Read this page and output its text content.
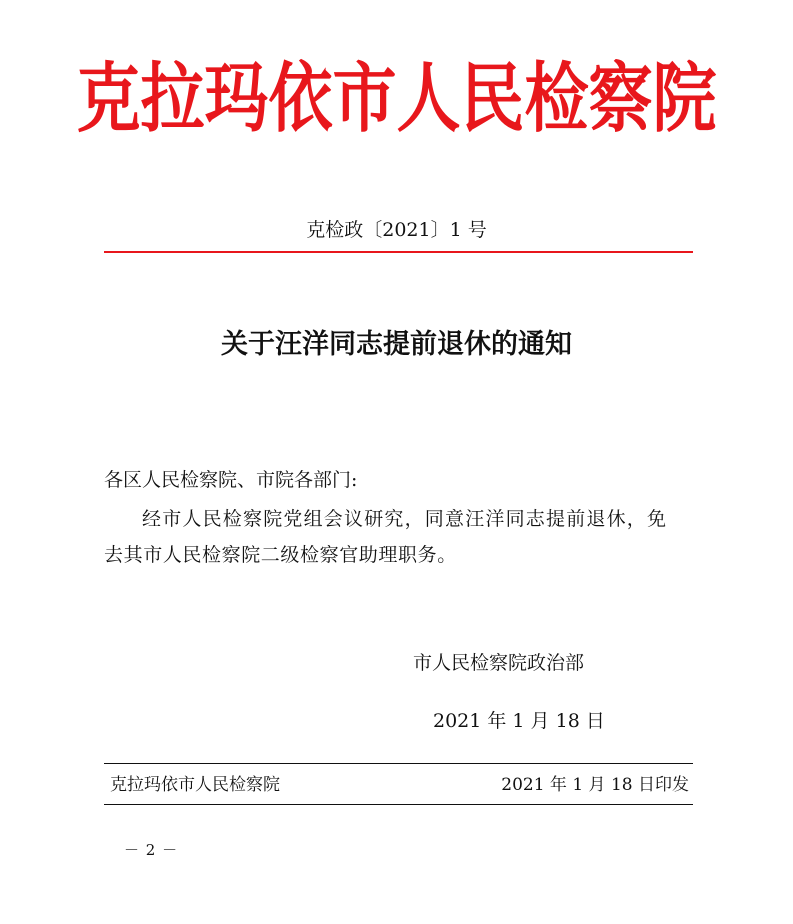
克拉玛依市人民检察院
克检政〔2021〕1 号
关于汪洋同志提前退休的通知
各区人民检察院、市院各部门:
经市人民检察院党组会议研究，同意汪洋同志提前退休，免
去其市人民检察院二级检察官助理职务。
市人民检察院政治部
2021 年 1 月 18 日
克拉玛依市人民检察院	2021 年 1 月 18 日印发
－ 2 －
